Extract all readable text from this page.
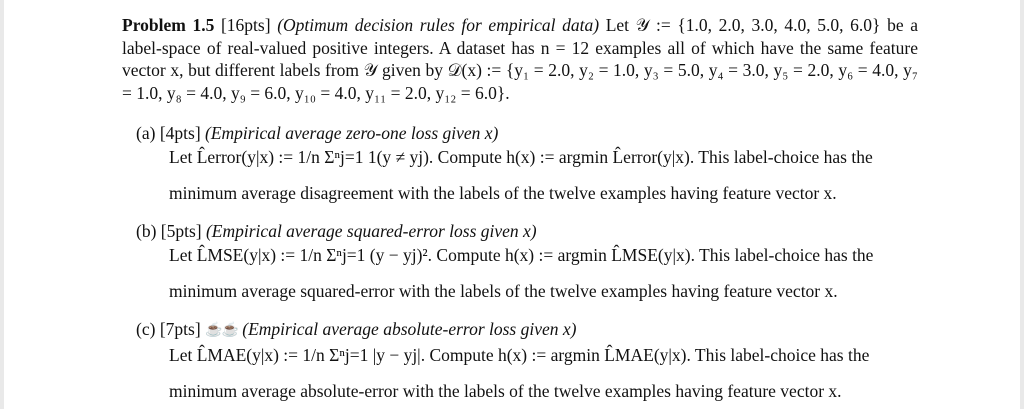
Problem 1.5 [16pts] (Optimum decision rules for empirical data) Let 𝒴 := {1.0, 2.0, 3.0, 4.0, 5.0, 6.0} be a label-space of real-valued positive integers. A dataset has n = 12 examples all of which have the same feature vector x, but different labels from 𝒴 given by 𝒟(x) := {y₁ = 2.0, y₂ = 1.0, y₃ = 5.0, y₄ = 3.0, y₅ = 2.0, y₆ = 4.0, y₇ = 1.0, y₈ = 4.0, y₉ = 6.0, y₁₀ = 4.0, y₁₁ = 2.0, y₁₂ = 6.0}.

(a) [4pts] (Empirical average zero-one loss given x)
Let L̂error(y|x) := 1/n Σⁿj=1 1(y ≠ yj). Compute h(x) := argmin L̂error(y|x). This label-choice has the
minimum average disagreement with the labels of the twelve examples having feature vector x.
(b) [5pts] (Empirical average squared-error loss given x)
Let L̂MSE(y|x) := 1/n Σⁿj=1 (y − yj)². Compute h(x) := argmin L̂MSE(y|x). This label-choice has the
minimum average squared-error with the labels of the twelve examples having feature vector x.
(c) [7pts] ☕☕ (Empirical average absolute-error loss given x)
Let L̂MAE(y|x) := 1/n Σⁿj=1 |y − yj|. Compute h(x) := argmin L̂MAE(y|x). This label-choice has the
minimum average absolute-error with the labels of the twelve examples having feature vector x.
